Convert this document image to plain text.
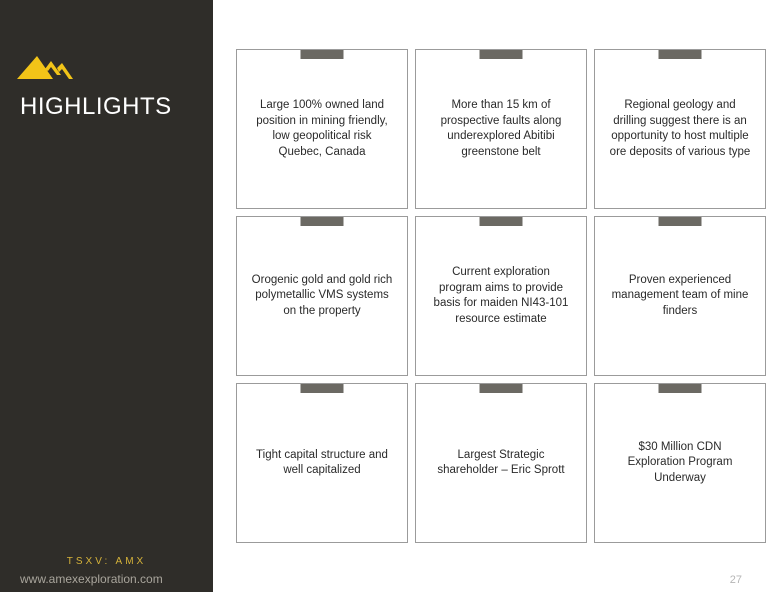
HIGHLIGHTS
TSXV: AMX
www.amexexploration.com
Large 100% owned land position in mining friendly, low geopolitical risk Quebec, Canada
More than 15 km of prospective faults along underexplored Abitibi greenstone belt
Regional geology and drilling suggest there is an opportunity to host multiple ore deposits of various type
Orogenic gold and gold rich polymetallic VMS systems on the property
Current exploration program aims to provide basis for maiden NI43-101 resource estimate
Proven experienced management team of mine finders
Tight capital structure and well capitalized
Largest Strategic shareholder – Eric Sprott
$30 Million CDN Exploration Program Underway
27
